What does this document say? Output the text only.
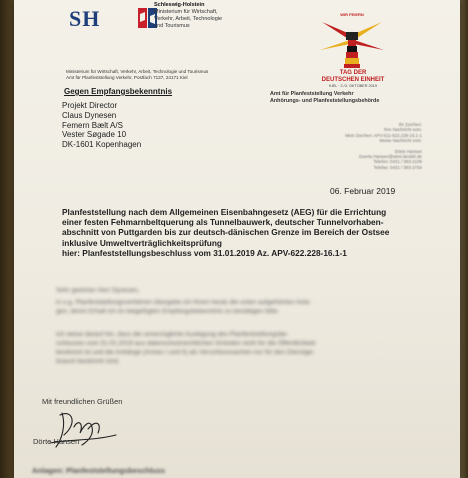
SH
Schleswig-Holstein
Ministerium für Wirtschaft,
Verkehr, Arbeit, Technologie
und Tourismus
WIR FEIERN
TAG DER
DEUTSCHEN EINHEIT
KIEL · 2./3. OKTOBER 2019
Ministerium für Wirtschaft, Verkehr, Arbeit, Technologie und Tourismus
Amt für Planfeststellung Verkehr, Postfach 7137, 24171 Kiel
Gegen Empfangsbekenntnis
Projekt Director
Claus Dynesen
Femern Bælt A/S
Vester Søgade 10
DK-1601 Kopenhagen
Amt für Planfeststellung Verkehr
Anhörungs- und Planfeststellungsbehörde
Ihr Zeichen:
Ihre Nachricht vom:
Mein Zeichen: APV-611-622.228-16.1-1
Meine Nachricht vom:
Dörte Hansen
Doerte.Hansen@wimi.landsh.de
Telefon: 0431 / 383-2109
Telefax: 0431 / 383-2754
06. Februar 2019
Planfeststellung nach dem Allgemeinen Eisenbahngesetz (AEG) für die Errichtung
einer festen Fehmarnbeltquerung als Tunnelbauwerk, deutscher Tunnelvorhaben-
abschnitt von Puttgarden bis zur deutsch-dänischen Grenze im Bereich der Ostsee
inklusive Umweltverträglichkeitsprüfung
hier: Planfeststellungsbeschluss vom 31.01.2019 Az. APV-622.228-16.1-1
Sehr geehrter Herr Dynesen,
in o.g. Planfeststellungsverfahren übergebe ich Ihnen heute die unten aufgeführten Anla-
gen, deren Erhalt ich im beigefügten Empfangsbekenntnis zu bestätigen bitte.
Ich weise darauf hin, dass die unverzügliche Auslegung des Planfeststellungsbe-
schlusses vom 31.01.2019 aus datenschutzrechtlichen Gründen nicht für die Öffentlichkeit
bestimmt ist und die Anhänge (Annex I und II) als Verschlusssachen nur für den Dienstge-
brauch bestimmt sind.
Mit freundlichen Grüßen
Dörte Hansen
Anlagen: Planfeststellungsbeschluss
